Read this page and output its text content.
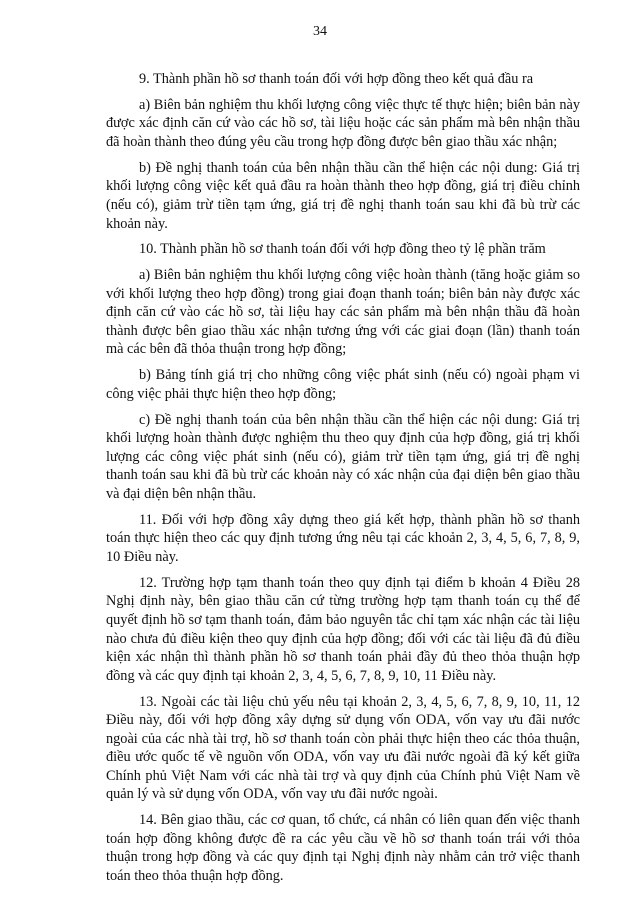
34

9. Thành phần hồ sơ thanh toán đối với hợp đồng theo kết quả đầu ra

a) Biên bản nghiệm thu khối lượng công việc thực tế thực hiện; biên bản này được xác định căn cứ vào các hồ sơ, tài liệu hoặc các sản phẩm mà bên nhận thầu đã hoàn thành theo đúng yêu cầu trong hợp đồng được bên giao thầu xác nhận;

b) Đề nghị thanh toán của bên nhận thầu cần thể hiện các nội dung: Giá trị khối lượng công việc kết quả đầu ra hoàn thành theo hợp đồng, giá trị điều chỉnh (nếu có), giảm trừ tiền tạm ứng, giá trị đề nghị thanh toán sau khi đã bù trừ các khoản này.

10. Thành phần hồ sơ thanh toán đối với hợp đồng theo tỷ lệ phần trăm

a) Biên bản nghiệm thu khối lượng công việc hoàn thành (tăng hoặc giảm so với khối lượng theo hợp đồng) trong giai đoạn thanh toán; biên bản này được xác định căn cứ vào các hồ sơ, tài liệu hay các sản phẩm mà bên nhận thầu đã hoàn thành được bên giao thầu xác nhận tương ứng với các giai đoạn (lần) thanh toán mà các bên đã thỏa thuận trong hợp đồng;

b) Bảng tính giá trị cho những công việc phát sinh (nếu có) ngoài phạm vi công việc phải thực hiện theo hợp đồng;

c) Đề nghị thanh toán của bên nhận thầu cần thể hiện các nội dung: Giá trị khối lượng hoàn thành được nghiệm thu theo quy định của hợp đồng, giá trị khối lượng các công việc phát sinh (nếu có), giảm trừ tiền tạm ứng, giá trị đề nghị thanh toán sau khi đã bù trừ các khoản này có xác nhận của đại diện bên giao thầu và đại diện bên nhận thầu.

11. Đối với hợp đồng xây dựng theo giá kết hợp, thành phần hồ sơ thanh toán thực hiện theo các quy định tương ứng nêu tại các khoản 2, 3, 4, 5, 6, 7, 8, 9, 10 Điều này.

12. Trường hợp tạm thanh toán theo quy định tại điểm b khoản 4 Điều 28 Nghị định này, bên giao thầu căn cứ từng trường hợp tạm thanh toán cụ thể để quyết định hồ sơ tạm thanh toán, đảm bảo nguyên tắc chỉ tạm xác nhận các tài liệu nào chưa đủ điều kiện theo quy định của hợp đồng; đối với các tài liệu đã đủ điều kiện xác nhận thì thành phần hồ sơ thanh toán phải đầy đủ theo thỏa thuận hợp đồng và các quy định tại khoản 2, 3, 4, 5, 6, 7, 8, 9, 10, 11 Điều này.

13. Ngoài các tài liệu chủ yếu nêu tại khoản 2, 3, 4, 5, 6, 7, 8, 9, 10, 11, 12 Điều này, đối với hợp đồng xây dựng sử dụng vốn ODA, vốn vay ưu đãi nước ngoài của các nhà tài trợ, hồ sơ thanh toán còn phải thực hiện theo các thỏa thuận, điều ước quốc tế về nguồn vốn ODA, vốn vay ưu đãi nước ngoài đã ký kết giữa Chính phủ Việt Nam với các nhà tài trợ và quy định của Chính phủ Việt Nam về quản lý và sử dụng vốn ODA, vốn vay ưu đãi nước ngoài.

14. Bên giao thầu, các cơ quan, tổ chức, cá nhân có liên quan đến việc thanh toán hợp đồng không được đề ra các yêu cầu về hồ sơ thanh toán trái với thỏa thuận trong hợp đồng và các quy định tại Nghị định này nhằm cản trở việc thanh toán theo thỏa thuận hợp đồng.
